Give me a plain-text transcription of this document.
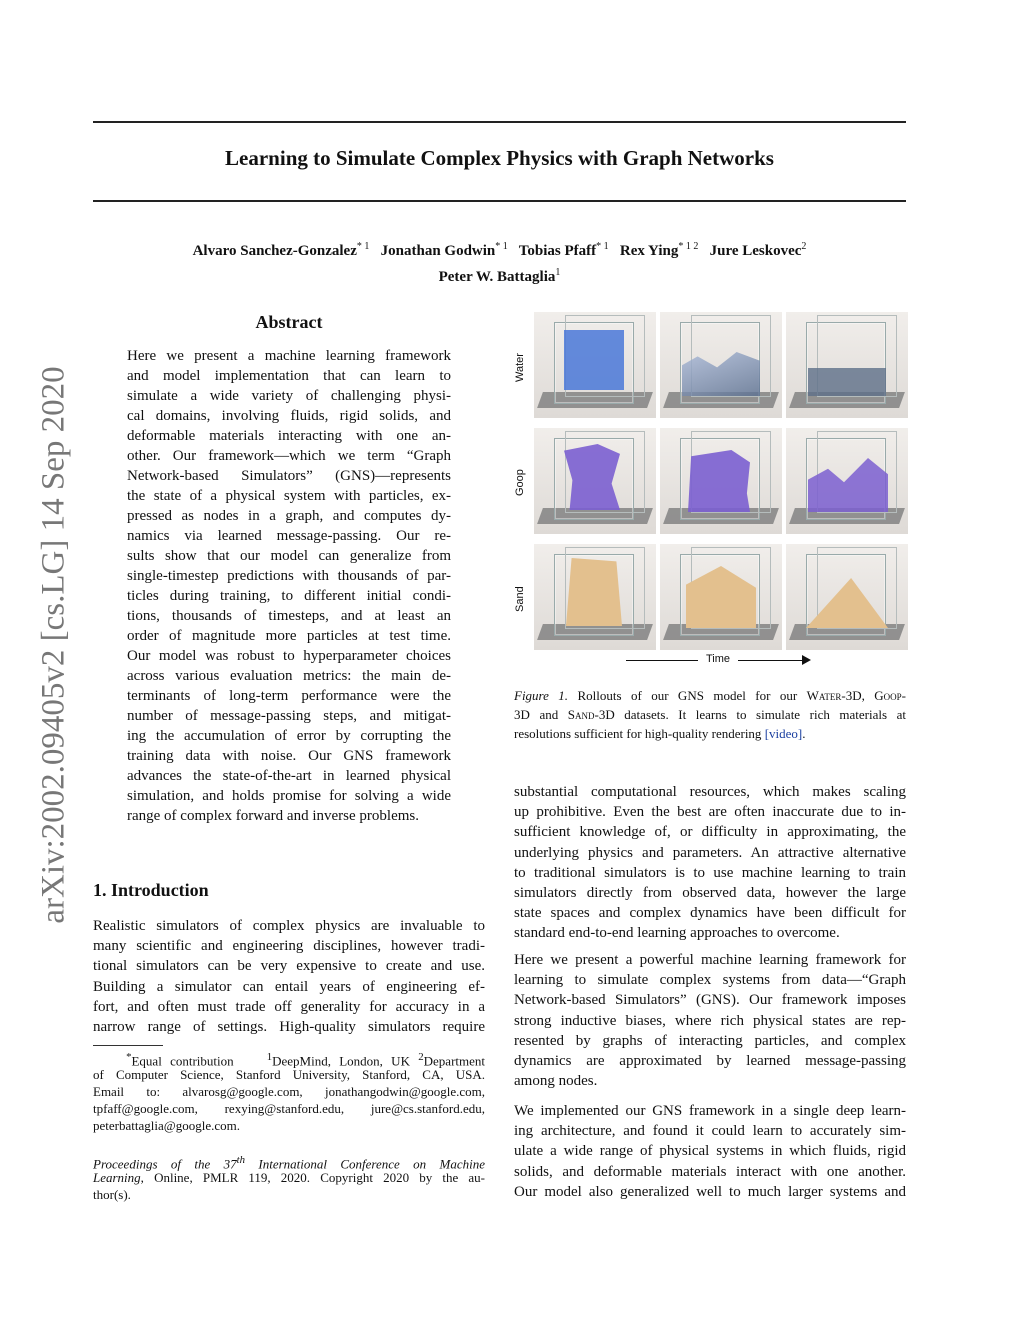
Learning to Simulate Complex Physics with Graph Networks
Alvaro Sanchez-Gonzalez$^{* 1}$ Jonathan Godwin$^{* 1}$ Tobias Pfaff$^{* 1}$ Rex Ying$^{* 1 2}$ Jure Leskovec$^2$
Peter W. Battaglia$^1$
arXiv:2002.09405v2 [cs.LG] 14 Sep 2020
Abstract
Here we present a machine learning framework
and model implementation that can learn to
simulate a wide variety of challenging physi-
cal domains, involving fluids, rigid solids, and
deformable materials interacting with one an-
other. Our framework—which we term “Graph
Network-based Simulators” (GNS)—represents
the state of a physical system with particles, ex-
pressed as nodes in a graph, and computes dy-
namics via learned message-passing. Our re-
sults show that our model can generalize from
single-timestep predictions with thousands of par-
ticles during training, to different initial condi-
tions, thousands of timesteps, and at least an
order of magnitude more particles at test time.
Our model was robust to hyperparameter choices
across various evaluation metrics: the main de-
terminants of long-term performance were the
number of message-passing steps, and mitigat-
ing the accumulation of error by corrupting the
training data with noise. Our GNS framework
advances the state-of-the-art in learned physical
simulation, and holds promise for solving a wide
range of complex forward and inverse problems.
1. Introduction
Realistic simulators of complex physics are invaluable to
many scientific and engineering disciplines, however tradi-
tional simulators can be very expensive to create and use.
Building a simulator can entail years of engineering ef-
fort, and often must trade off generality for accuracy in a
narrow range of settings. High-quality simulators require
*Equal contribution	$^1$DeepMind, London, UK $^2$Department
of Computer Science, Stanford University, Stanford, CA, USA.
Email to: alvarosg@google.com, jonathangodwin@google.com,
tpfaff@google.com, rexying@stanford.edu, jure@cs.stanford.edu,
peterbattaglia@google.com.
Proceedings of the 37th International Conference on Machine
Learning, Online, PMLR 119, 2020. Copyright 2020 by the au-
thor(s).
Water
Goop
Sand
Time
Figure 1. Rollouts of our GNS model for our Water-3D, Goop-
3D and Sand-3D datasets. It learns to simulate rich materials at
resolutions sufficient for high-quality rendering [video].
substantial computational resources, which makes scaling
up prohibitive. Even the best are often inaccurate due to in-
sufficient knowledge of, or difficulty in approximating, the
underlying physics and parameters. An attractive alternative
to traditional simulators is to use machine learning to train
simulators directly from observed data, however the large
state spaces and complex dynamics have been difficult for
standard end-to-end learning approaches to overcome.
Here we present a powerful machine learning framework for
learning to simulate complex systems from data—“Graph
Network-based Simulators” (GNS). Our framework imposes
strong inductive biases, where rich physical states are rep-
resented by graphs of interacting particles, and complex
dynamics are approximated by learned message-passing
among nodes.
We implemented our GNS framework in a single deep learn-
ing architecture, and found it could learn to accurately sim-
ulate a wide range of physical systems in which fluids, rigid
solids, and deformable materials interact with one another.
Our model also generalized well to much larger systems and
